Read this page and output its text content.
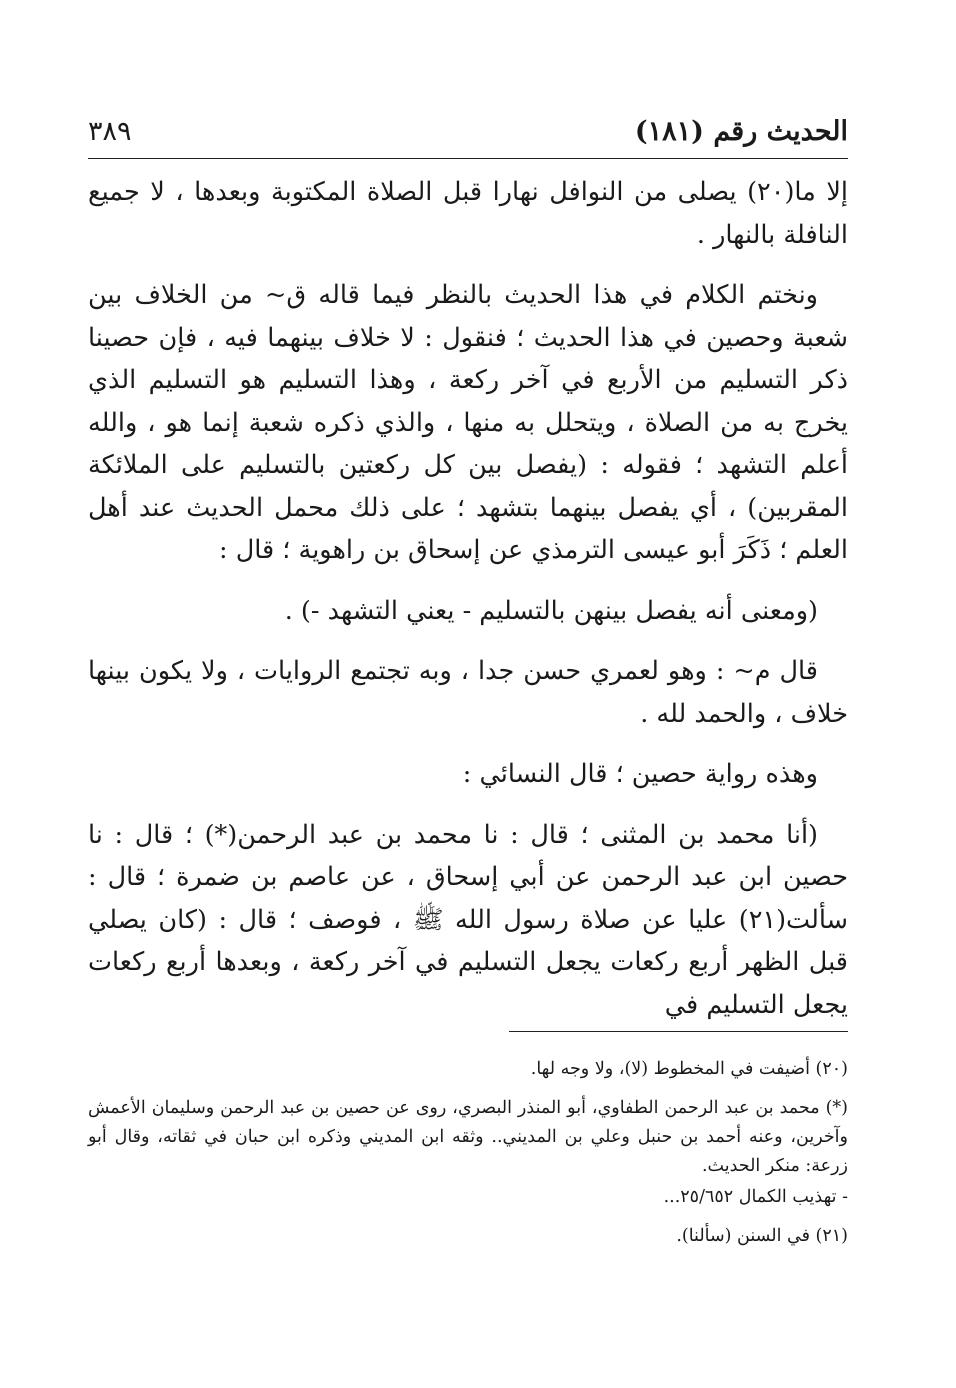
الحديث رقم (١٨١)
٣٨٩

إلا ما(٢٠) يصلى من النوافل نهارا قبل الصلاة المكتوبة وبعدها ، لا جميع النافلة بالنهار .

ونختم الكلام في هذا الحديث بالنظر فيما قاله ق~ من الخلاف بين شعبة وحصين في هذا الحديث ؛ فنقول : لا خلاف بينهما فيه ، فإن حصينا ذكر التسليم من الأربع في آخر ركعة ، وهذا التسليم هو التسليم الذي يخرج به من الصلاة ، ويتحلل به منها ، والذي ذكره شعبة إنما هو ، والله أعلم التشهد ؛ فقوله : (يفصل بين كل ركعتين بالتسليم على الملائكة المقربين) ، أي يفصل بينهما بتشهد ؛ على ذلك محمل الحديث عند أهل العلم ؛ ذَكَرَ أبو عيسى الترمذي عن إسحاق بن راهوية ؛ قال :

(ومعنى أنه يفصل بينهن بالتسليم - يعني التشهد -) .

قال م~ : وهو لعمري حسن جدا ، وبه تجتمع الروايات ، ولا يكون بينها خلاف ، والحمد لله .

وهذه رواية حصين ؛ قال النسائي :

(أنا محمد بن المثنى ؛ قال : نا محمد بن عبد الرحمن(*) ؛ قال : نا حصين ابن عبد الرحمن عن أبي إسحاق ، عن عاصم بن ضمرة ؛ قال : سألت(٢١) عليا عن صلاة رسول الله ﷺ ، فوصف ؛ قال : (كان يصلي قبل الظهر أربع ركعات يجعل التسليم في آخر ركعة ، وبعدها أربع ركعات يجعل التسليم في

(٢٠) أضيفت في المخطوط (لا)، ولا وجه لها.

(*) محمد بن عبد الرحمن الطفاوي، أبو المنذر البصري، روى عن حصين بن عبد الرحمن وسليمان الأعمش وآخرين، وعنه أحمد بن حنبل وعلي بن المديني.. وثقه ابن المديني وذكره ابن حبان في ثقاته، وقال أبو زرعة: منكر الحديث.

- تهذيب الكمال ٢٥/٦٥٢...

(٢١) في السنن (سألنا).
